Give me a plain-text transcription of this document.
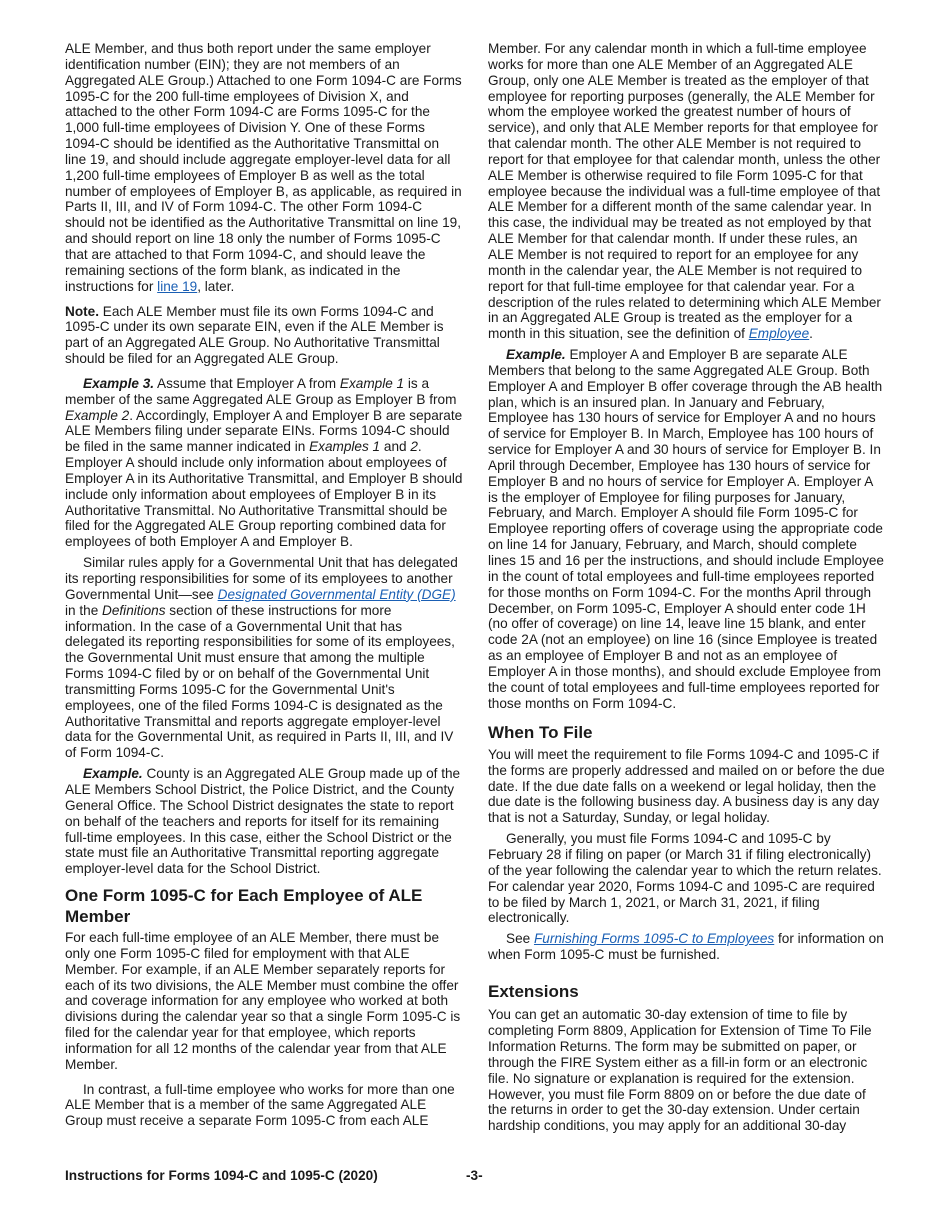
ALE Member, and thus both report under the same employer identification number (EIN); they are not members of an Aggregated ALE Group.) Attached to one Form 1094-C are Forms 1095-C for the 200 full-time employees of Division X, and attached to the other Form 1094-C are Forms 1095-C for the 1,000 full-time employees of Division Y. One of these Forms 1094-C should be identified as the Authoritative Transmittal on line 19, and should include aggregate employer-level data for all 1,200 full-time employees of Employer B as well as the total number of employees of Employer B, as applicable, as required in Parts II, III, and IV of Form 1094-C. The other Form 1094-C should not be identified as the Authoritative Transmittal on line 19, and should report on line 18 only the number of Forms 1095-C that are attached to that Form 1094-C, and should leave the remaining sections of the form blank, as indicated in the instructions for line 19, later.

Note. Each ALE Member must file its own Forms 1094-C and 1095-C under its own separate EIN, even if the ALE Member is part of an Aggregated ALE Group. No Authoritative Transmittal should be filed for an Aggregated ALE Group.

Example 3. Assume that Employer A from Example 1 is a member of the same Aggregated ALE Group as Employer B from Example 2. Accordingly, Employer A and Employer B are separate ALE Members filing under separate EINs. Forms 1094-C should be filed in the same manner indicated in Examples 1 and 2. Employer A should include only information about employees of Employer A in its Authoritative Transmittal, and Employer B should include only information about employees of Employer B in its Authoritative Transmittal. No Authoritative Transmittal should be filed for the Aggregated ALE Group reporting combined data for employees of both Employer A and Employer B.

Similar rules apply for a Governmental Unit that has delegated its reporting responsibilities for some of its employees to another Governmental Unit—see Designated Governmental Entity (DGE) in the Definitions section of these instructions for more information. In the case of a Governmental Unit that has delegated its reporting responsibilities for some of its employees, the Governmental Unit must ensure that among the multiple Forms 1094-C filed by or on behalf of the Governmental Unit transmitting Forms 1095-C for the Governmental Unit's employees, one of the filed Forms 1094-C is designated as the Authoritative Transmittal and reports aggregate employer-level data for the Governmental Unit, as required in Parts II, III, and IV of Form 1094-C.

Example. County is an Aggregated ALE Group made up of the ALE Members School District, the Police District, and the County General Office. The School District designates the state to report on behalf of the teachers and reports for itself for its remaining full-time employees. In this case, either the School District or the state must file an Authoritative Transmittal reporting aggregate employer-level data for the School District.

One Form 1095-C for Each Employee of ALE Member

For each full-time employee of an ALE Member, there must be only one Form 1095-C filed for employment with that ALE Member. For example, if an ALE Member separately reports for each of its two divisions, the ALE Member must combine the offer and coverage information for any employee who worked at both divisions during the calendar year so that a single Form 1095-C is filed for the calendar year for that employee, which reports information for all 12 months of the calendar year from that ALE Member.

In contrast, a full-time employee who works for more than one ALE Member that is a member of the same Aggregated ALE Group must receive a separate Form 1095-C from each ALE

Member. For any calendar month in which a full-time employee works for more than one ALE Member of an Aggregated ALE Group, only one ALE Member is treated as the employer of that employee for reporting purposes (generally, the ALE Member for whom the employee worked the greatest number of hours of service), and only that ALE Member reports for that employee for that calendar month. The other ALE Member is not required to report for that employee for that calendar month, unless the other ALE Member is otherwise required to file Form 1095-C for that employee because the individual was a full-time employee of that ALE Member for a different month of the same calendar year. In this case, the individual may be treated as not employed by that ALE Member for that calendar month. If under these rules, an ALE Member is not required to report for an employee for any month in the calendar year, the ALE Member is not required to report for that full-time employee for that calendar year. For a description of the rules related to determining which ALE Member in an Aggregated ALE Group is treated as the employer for a month in this situation, see the definition of Employee.

Example. Employer A and Employer B are separate ALE Members that belong to the same Aggregated ALE Group. Both Employer A and Employer B offer coverage through the AB health plan, which is an insured plan. In January and February, Employee has 130 hours of service for Employer A and no hours of service for Employer B. In March, Employee has 100 hours of service for Employer A and 30 hours of service for Employer B. In April through December, Employee has 130 hours of service for Employer B and no hours of service for Employer A. Employer A is the employer of Employee for filing purposes for January, February, and March. Employer A should file Form 1095-C for Employee reporting offers of coverage using the appropriate code on line 14 for January, February, and March, should complete lines 15 and 16 per the instructions, and should include Employee in the count of total employees and full-time employees reported for those months on Form 1094-C. For the months April through December, on Form 1095-C, Employer A should enter code 1H (no offer of coverage) on line 14, leave line 15 blank, and enter code 2A (not an employee) on line 16 (since Employee is treated as an employee of Employer B and not as an employee of Employer A in those months), and should exclude Employee from the count of total employees and full-time employees reported for those months on Form 1094-C.

When To File

You will meet the requirement to file Forms 1094-C and 1095-C if the forms are properly addressed and mailed on or before the due date. If the due date falls on a weekend or legal holiday, then the due date is the following business day. A business day is any day that is not a Saturday, Sunday, or legal holiday.

Generally, you must file Forms 1094-C and 1095-C by February 28 if filing on paper (or March 31 if filing electronically) of the year following the calendar year to which the return relates. For calendar year 2020, Forms 1094-C and 1095-C are required to be filed by March 1, 2021, or March 31, 2021, if filing electronically.

See Furnishing Forms 1095-C to Employees for information on when Form 1095-C must be furnished.

Extensions

You can get an automatic 30-day extension of time to file by completing Form 8809, Application for Extension of Time To File Information Returns. The form may be submitted on paper, or through the FIRE System either as a fill-in form or an electronic file. No signature or explanation is required for the extension. However, you must file Form 8809 on or before the due date of the returns in order to get the 30-day extension. Under certain hardship conditions, you may apply for an additional 30-day

Instructions for Forms 1094-C and 1095-C (2020)	-3-
